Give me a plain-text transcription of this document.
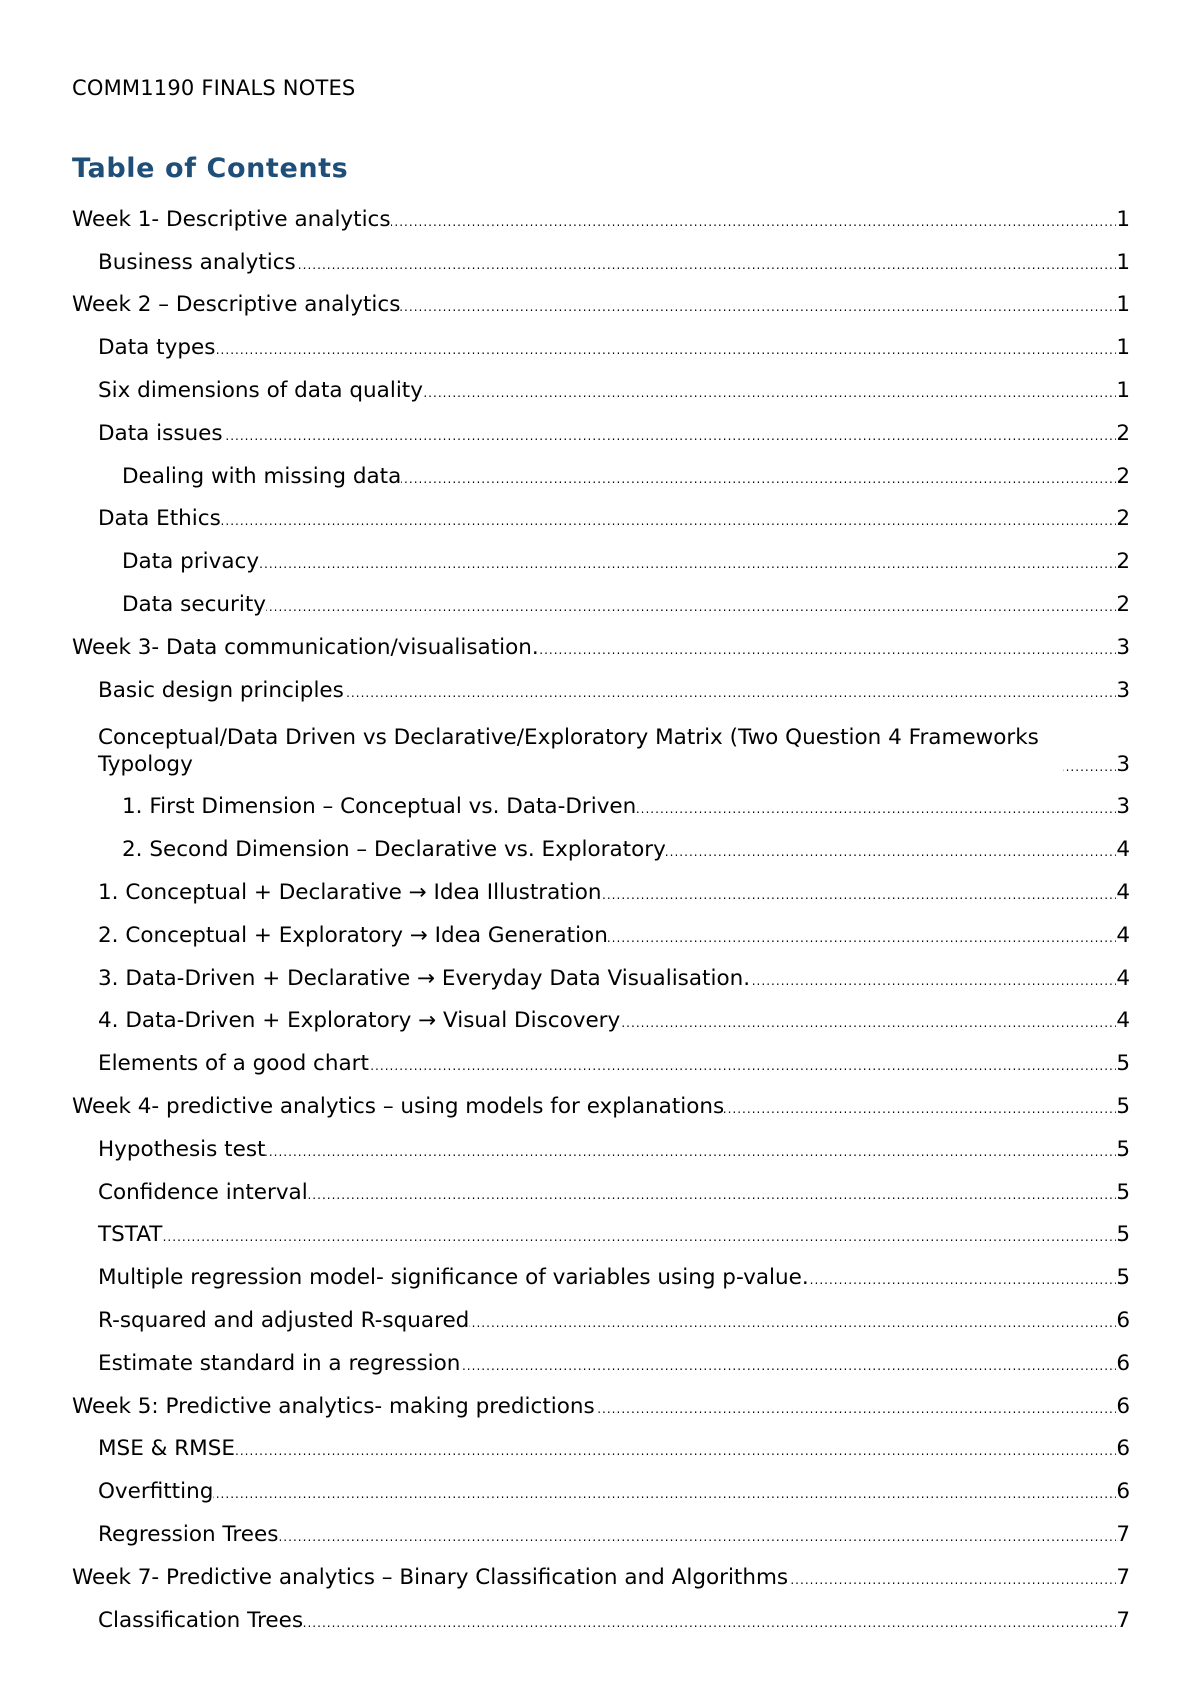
COMM1190 FINALS NOTES
Table of Contents
Week 1- Descriptive analytics . . .	1
Business analytics . . .	1
Week 2 – Descriptive analytics . . .	1
Data types . . .	1
Six dimensions of data quality . . .	1
Data issues . . .	2
Dealing with missing data . . .	2
Data Ethics . . .	2
Data privacy . . .	2
Data security . . .	2
Week 3- Data communication/visualisation. . . .	3
Basic design principles . . .	3
Conceptual/Data Driven vs Declarative/Exploratory Matrix (Two Question 4 Frameworks Typology . . .	3
1. First Dimension – Conceptual vs. Data-Driven . . .	3
2. Second Dimension – Declarative vs. Exploratory . . .	4
1. Conceptual + Declarative → Idea Illustration . . .	4
2. Conceptual + Exploratory → Idea Generation . . .	4
3. Data-Driven + Declarative → Everyday Data Visualisation. . . .	4
4. Data-Driven + Exploratory → Visual Discovery . . .	4
Elements of a good chart . . .	5
Week 4- predictive analytics – using models for explanations . . .	5
Hypothesis test . . .	5
Confidence interval . . .	5
TSTAT . . .	5
Multiple regression model- significance of variables using p-value. . . .	5
R-squared and adjusted R-squared . . .	6
Estimate standard in a regression . . .	6
Week 5: Predictive analytics- making predictions . . .	6
MSE & RMSE . . .	6
Overfitting . . .	6
Regression Trees . . .	7
Week 7- Predictive analytics – Binary Classification and Algorithms . . .	7
Classification Trees . . .	7
